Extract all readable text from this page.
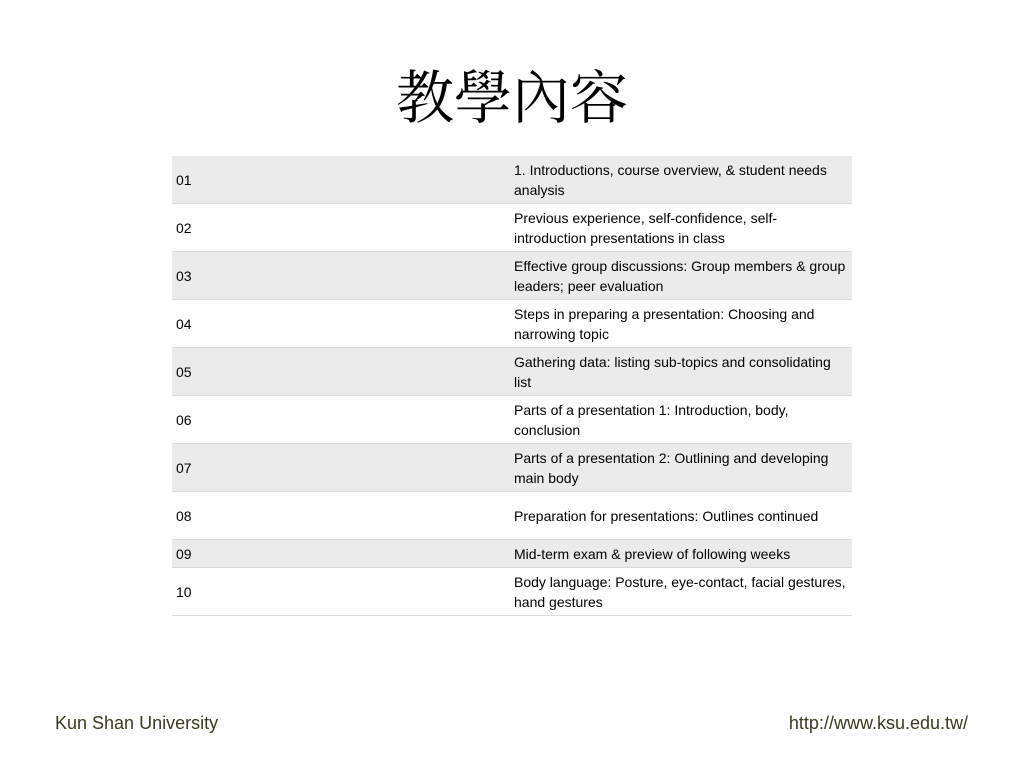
教學內容
01	1. Introductions, course overview, & student needs analysis
02	Previous experience, self-confidence, self-introduction presentations in class
03	Effective group discussions: Group members & group leaders; peer evaluation
04	Steps in preparing a presentation: Choosing and narrowing topic
05	Gathering data: listing sub-topics and consolidating list
06	Parts of a presentation 1: Introduction, body, conclusion
07	Parts of a presentation 2: Outlining and developing main body
08	Preparation for presentations: Outlines continued
09	Mid-term exam & preview of following weeks
10	Body language: Posture, eye-contact, facial gestures, hand gestures
Kun Shan University	http://www.ksu.edu.tw/
